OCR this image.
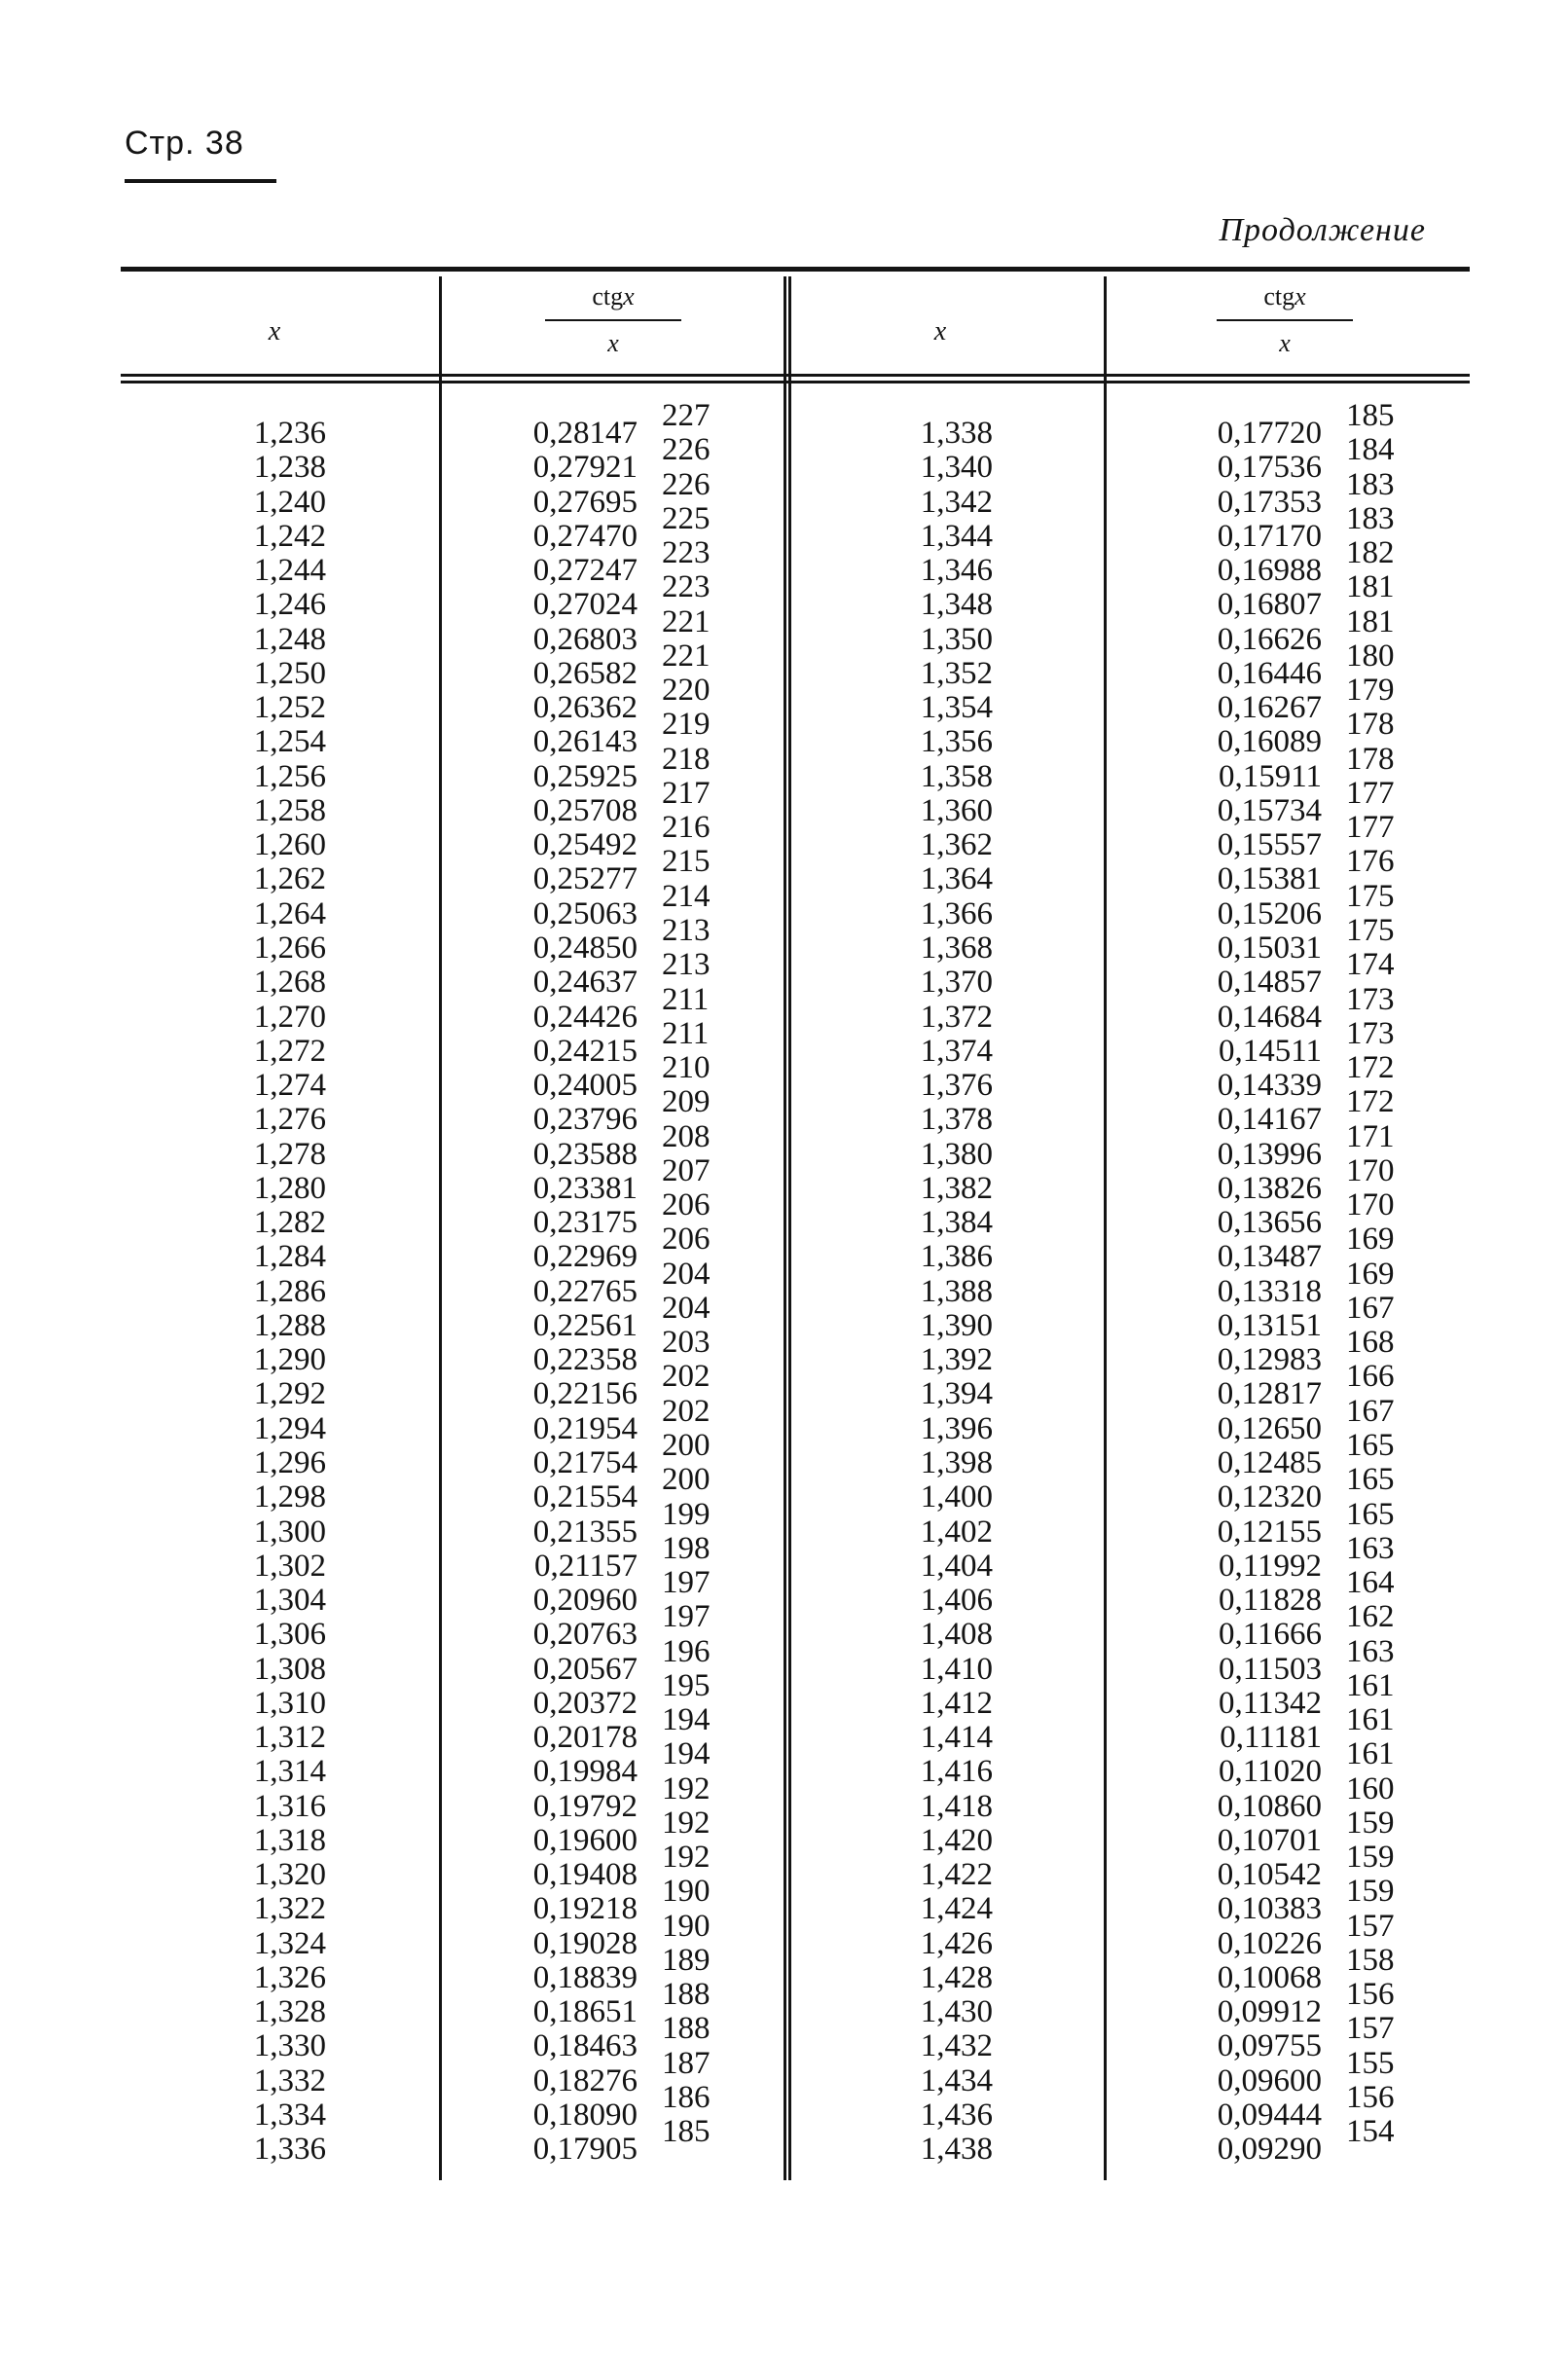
Стр. 38
Продолжение
x
ctgx
x	x
ctgx
x
1,236
1,238
1,240
1,242
1,244
1,246
1,248
1,250
1,252
1,254
1,256
1,258
1,260
1,262
1,264
1,266
1,268
1,270
1,272
1,274
1,276
1,278
1,280
1,282
1,284
1,286
1,288
1,290
1,292
1,294
1,296
1,298
1,300
1,302
1,304
1,306
1,308
1,310
1,312
1,314
1,316
1,318
1,320
1,322
1,324
1,326
1,328
1,330
1,332
1,334
1,336
0,28147
0,27921
0,27695
0,27470
0,27247
0,27024
0,26803
0,26582
0,26362
0,26143
0,25925
0,25708
0,25492
0,25277
0,25063
0,24850
0,24637
0,24426
0,24215
0,24005
0,23796
0,23588
0,23381
0,23175
0,22969
0,22765
0,22561
0,22358
0,22156
0,21954
0,21754
0,21554
0,21355
0,21157
0,20960
0,20763
0,20567
0,20372
0,20178
0,19984
0,19792
0,19600
0,19408
0,19218
0,19028
0,18839
0,18651
0,18463
0,18276
0,18090
0,17905
227
226
226
225
223
223
221
221
220
219
218
217
216
215
214
213
213
211
211
210
209
208
207
206
206
204
204
203
202
202
200
200
199
198
197
197
196
195
194
194
192
192
192
190
190
189
188
188
187
186
185
1,338
1,340
1,342
1,344
1,346
1,348
1,350
1,352
1,354
1,356
1,358
1,360
1,362
1,364
1,366
1,368
1,370
1,372
1,374
1,376
1,378
1,380
1,382
1,384
1,386
1,388
1,390
1,392
1,394
1,396
1,398
1,400
1,402
1,404
1,406
1,408
1,410
1,412
1,414
1,416
1,418
1,420
1,422
1,424
1,426
1,428
1,430
1,432
1,434
1,436
1,438
0,17720
0,17536
0,17353
0,17170
0,16988
0,16807
0,16626
0,16446
0,16267
0,16089
0,15911
0,15734
0,15557
0,15381
0,15206
0,15031
0,14857
0,14684
0,14511
0,14339
0,14167
0,13996
0,13826
0,13656
0,13487
0,13318
0,13151
0,12983
0,12817
0,12650
0,12485
0,12320
0,12155
0,11992
0,11828
0,11666
0,11503
0,11342
0,11181
0,11020
0,10860
0,10701
0,10542
0,10383
0,10226
0,10068
0,09912
0,09755
0,09600
0,09444
0,09290
185
184
183
183
182
181
181
180
179
178
178
177
177
176
175
175
174
173
173
172
172
171
170
170
169
169
167
168
166
167
165
165
165
163
164
162
163
161
161
161
160
159
159
159
157
158
156
157
155
156
154
